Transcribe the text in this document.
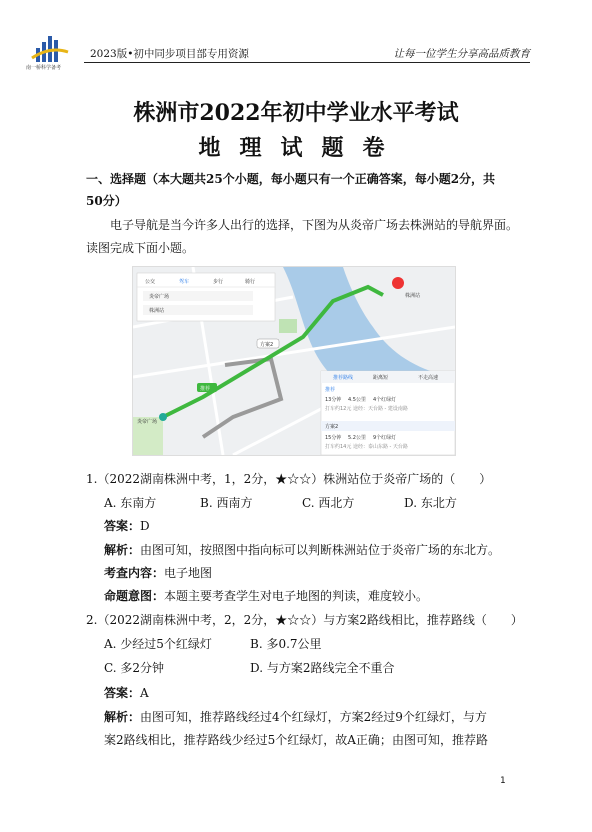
南一桥科学备考
2023版•初中同步项目部专用资源	让每一位学生分享高品质教育
株洲市2022年初中学业水平考试
地理试题卷
一、选择题（本大题共25个小题，每小题只有一个正确答案，每小题2分，共
50分）
电子导航是当今许多人出行的选择，下图为从炎帝广场去株洲站的导航界面。
读图完成下面小题。
株洲站
炎帝广场
推荐
方案2
公交	驾车	步行	骑行
炎帝广场
株洲站
推荐路线	距离短	不走高速
推荐
13分钟 4.5公里 4个红绿灯
打车约12元 途经：天台路 - 建设南路
方案2
15分钟 5.2公里 9个红绿灯
打车约14元 途经：泰山东路 - 天台路
1.（2022湖南株洲中考，1，2分，★☆☆）株洲站位于炎帝广场的（　　）
A. 东南方	B. 西南方	C. 西北方	D. 东北方
答案：D
解析：由图可知，按照图中指向标可以判断株洲站位于炎帝广场的东北方。
考查内容：电子地图
命题意图：本题主要考查学生对电子地图的判读，难度较小。
2.（2022湖南株洲中考，2，2分，★☆☆）与方案2路线相比，推荐路线（　　）
A. 少经过5个红绿灯	B. 多0.7公里
C. 多2分钟	D. 与方案2路线完全不重合
答案：A
解析：由图可知，推荐路线经过4个红绿灯，方案2经过9个红绿灯，与方
案2路线相比，推荐路线少经过5个红绿灯，故A正确；由图可知，推荐路
1
